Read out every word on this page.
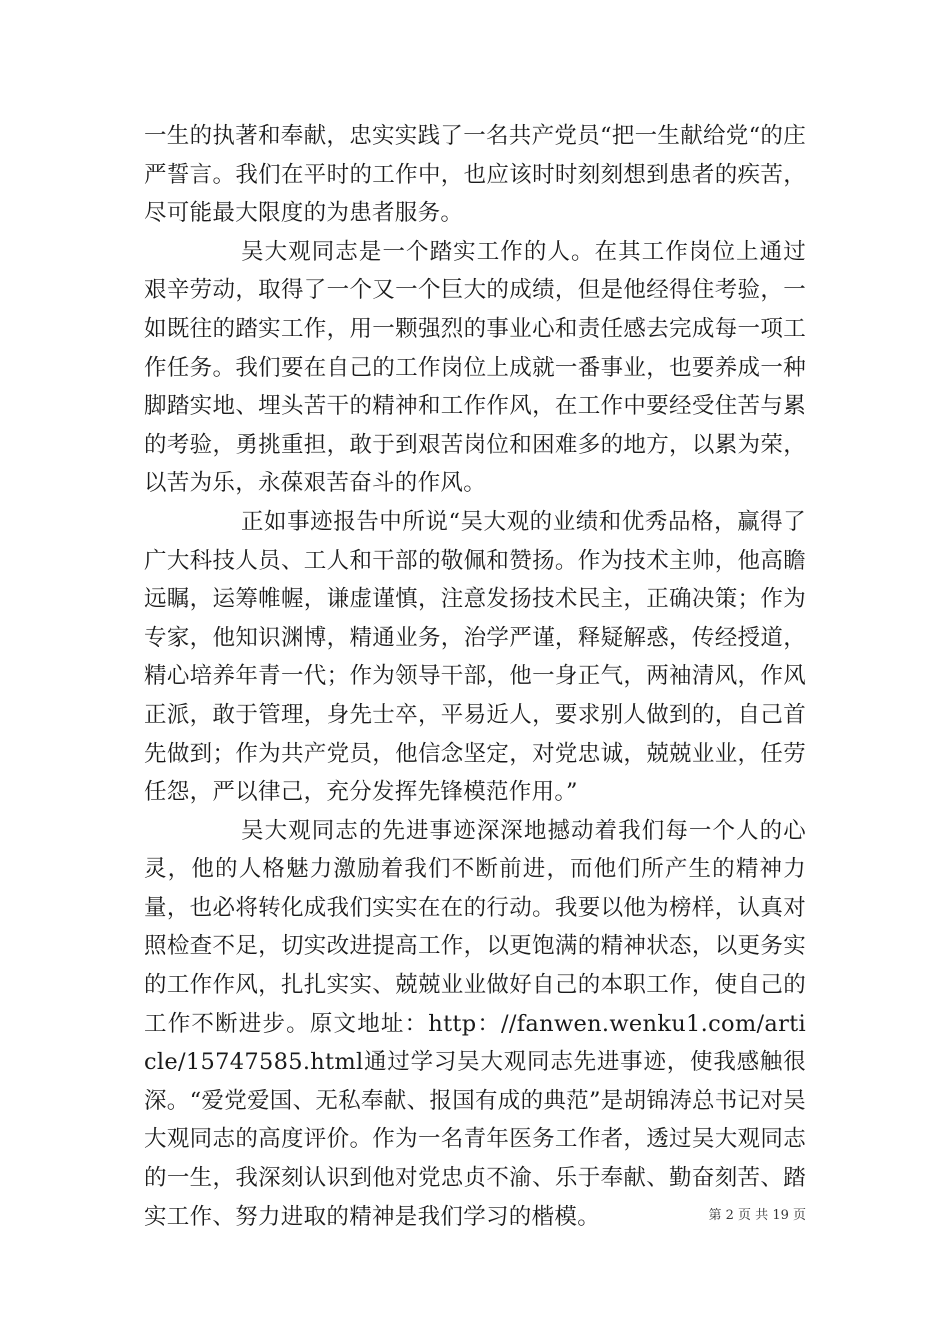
一生的执著和奉献，忠实实践了一名共产党员“把一生献给党“的庄严誓言。我们在平时的工作中，也应该时时刻刻想到患者的疾苦，尽可能最大限度的为患者服务。

吴大观同志是一个踏实工作的人。在其工作岗位上通过艰辛劳动，取得了一个又一个巨大的成绩，但是他经得住考验，一如既往的踏实工作，用一颗强烈的事业心和责任感去完成每一项工作任务。我们要在自己的工作岗位上成就一番事业，也要养成一种脚踏实地、埋头苦干的精神和工作作风，在工作中要经受住苦与累的考验，勇挑重担，敢于到艰苦岗位和困难多的地方，以累为荣，以苦为乐，永葆艰苦奋斗的作风。

正如事迹报告中所说“吴大观的业绩和优秀品格，赢得了广大科技人员、工人和干部的敬佩和赞扬。作为技术主帅，他高瞻远瞩，运筹帷幄，谦虚谨慎，注意发扬技术民主，正确决策；作为专家，他知识渊博，精通业务，治学严谨，释疑解惑，传经授道，精心培养年青一代；作为领导干部，他一身正气，两袖清风，作风正派，敢于管理，身先士卒，平易近人，要求别人做到的，自己首先做到；作为共产党员，他信念坚定，对党忠诚，兢兢业业，任劳任怨，严以律己，充分发挥先锋模范作用。”

吴大观同志的先进事迹深深地撼动着我们每一个人的心灵，他的人格魅力激励着我们不断前进，而他们所产生的精神力量，也必将转化成我们实实在在的行动。我要以他为榜样，认真对照检查不足，切实改进提高工作，以更饱满的精神状态，以更务实的工作作风，扎扎实实、兢兢业业做好自己的本职工作，使自己的工作不断进步。原文地址：http：//fanwen.wenku1.com/article/15747585.html通过学习吴大观同志先进事迹，使我感触很深。“爱党爱国、无私奉献、报国有成的典范”是胡锦涛总书记对吴大观同志的高度评价。作为一名青年医务工作者，透过吴大观同志的一生，我深刻认识到他对党忠贞不渝、乐于奉献、勤奋刻苦、踏实工作、努力进取的精神是我们学习的楷模。	第 2 页 共 19 页
